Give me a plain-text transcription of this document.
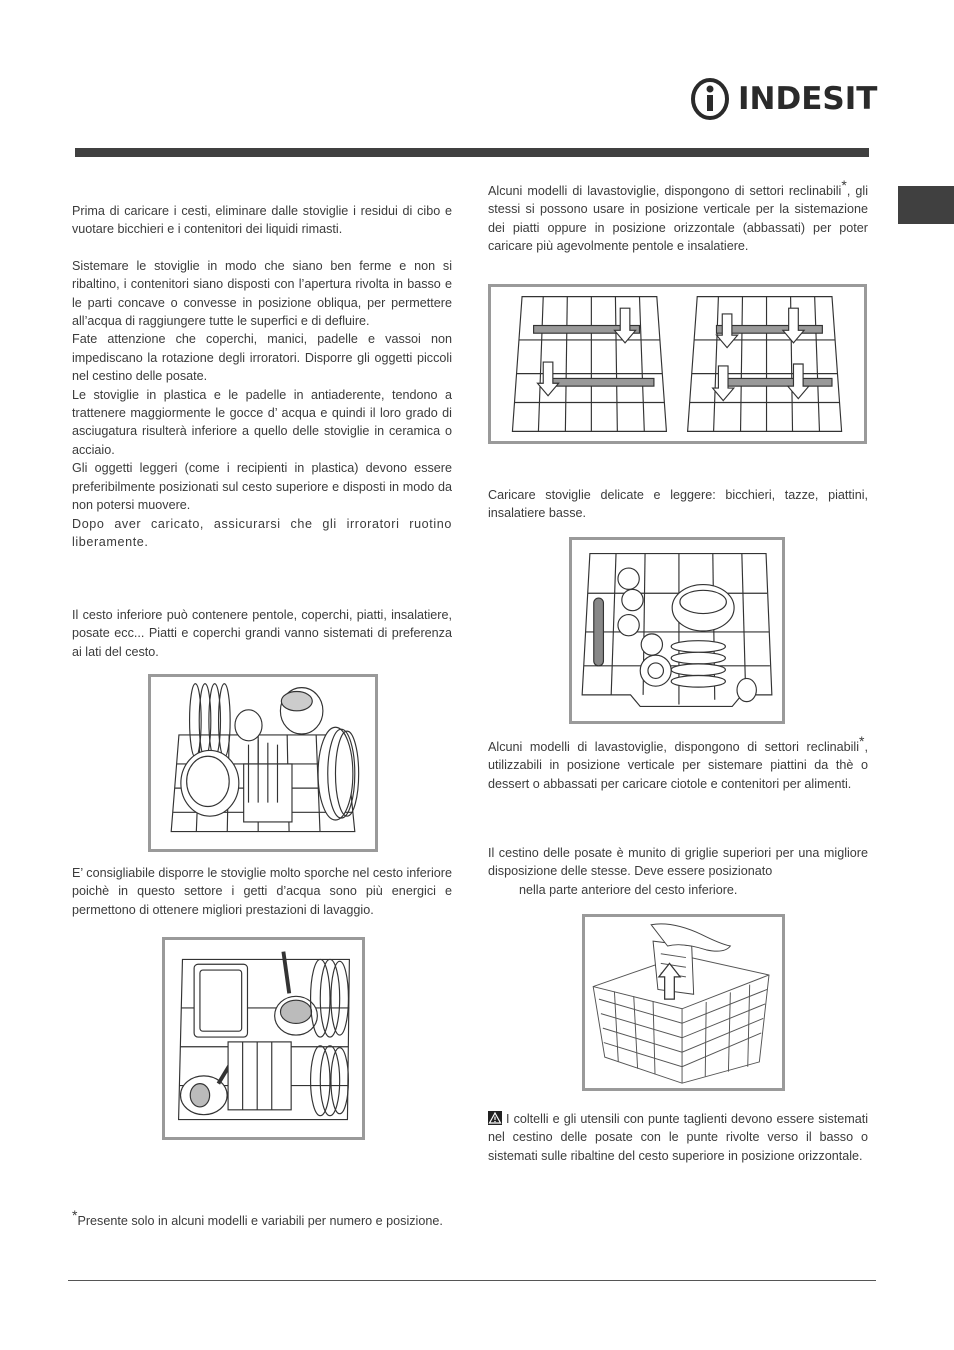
INDESIT

Prima di caricare i cesti, eliminare dalle stoviglie i residui di cibo e vuotare bicchieri e i contenitori dei liquidi rimasti.

Sistemare le stoviglie in modo che siano ben ferme e non si ribaltino, i contenitori siano disposti con l’apertura rivolta in basso e le parti concave o convesse in posizione obliqua, per permettere all’acqua di raggiungere tutte le superfici e di defluire.

Fate attenzione che coperchi, manici, padelle e vassoi non impediscano la rotazione degli irroratori. Disporre gli oggetti piccoli nel cestino delle posate.

Le stoviglie in plastica e le padelle in antiaderente, tendono a trattenere maggiormente le gocce d’ acqua e quindi il loro grado di asciugatura risulterà inferiore a quello delle stoviglie in ceramica o acciaio.

Gli oggetti leggeri (come i recipienti in plastica) devono essere preferibilmente posizionati sul cesto superiore e disposti in modo da non potersi muovere.

Dopo aver caricato, assicurarsi che gli irroratori ruotino liberamente.

Il cesto inferiore può contenere pentole, coperchi, piatti, insalatiere, posate ecc... Piatti e coperchi grandi vanno sistemati di preferenza ai lati del cesto.

E’ consigliabile disporre le stoviglie molto sporche nel cesto inferiore poichè in questo settore i getti d’acqua sono più energici e permettono di ottenere migliori prestazioni di lavaggio.

*Presente solo in alcuni modelli e variabili per numero e posizione.

Alcuni modelli di lavastoviglie, dispongono di settori reclinabili*, gli stessi si possono usare in posizione verticale per la sistemazione dei piatti oppure in posizione orizzontale (abbassati) per poter caricare più agevolmente pentole e insalatiere.

Caricare stoviglie delicate e leggere: bicchieri, tazze, piattini, insalatiere basse.

Alcuni modelli di lavastoviglie, dispongono di settori reclinabili*, utilizzabili in posizione verticale per sistemare piattini da thè o dessert o abbassati per caricare ciotole e contenitori per alimenti.

Il cestino delle posate è munito di griglie superiori per una migliore disposizione delle stesse. Deve essere posizionato

nella parte anteriore del cesto inferiore.

I coltelli e gli utensili con punte taglienti devono essere sistemati nel cestino delle posate con le punte rivolte verso il basso o sistemati sulle ribaltine del cesto superiore in posizione orizzontale.
